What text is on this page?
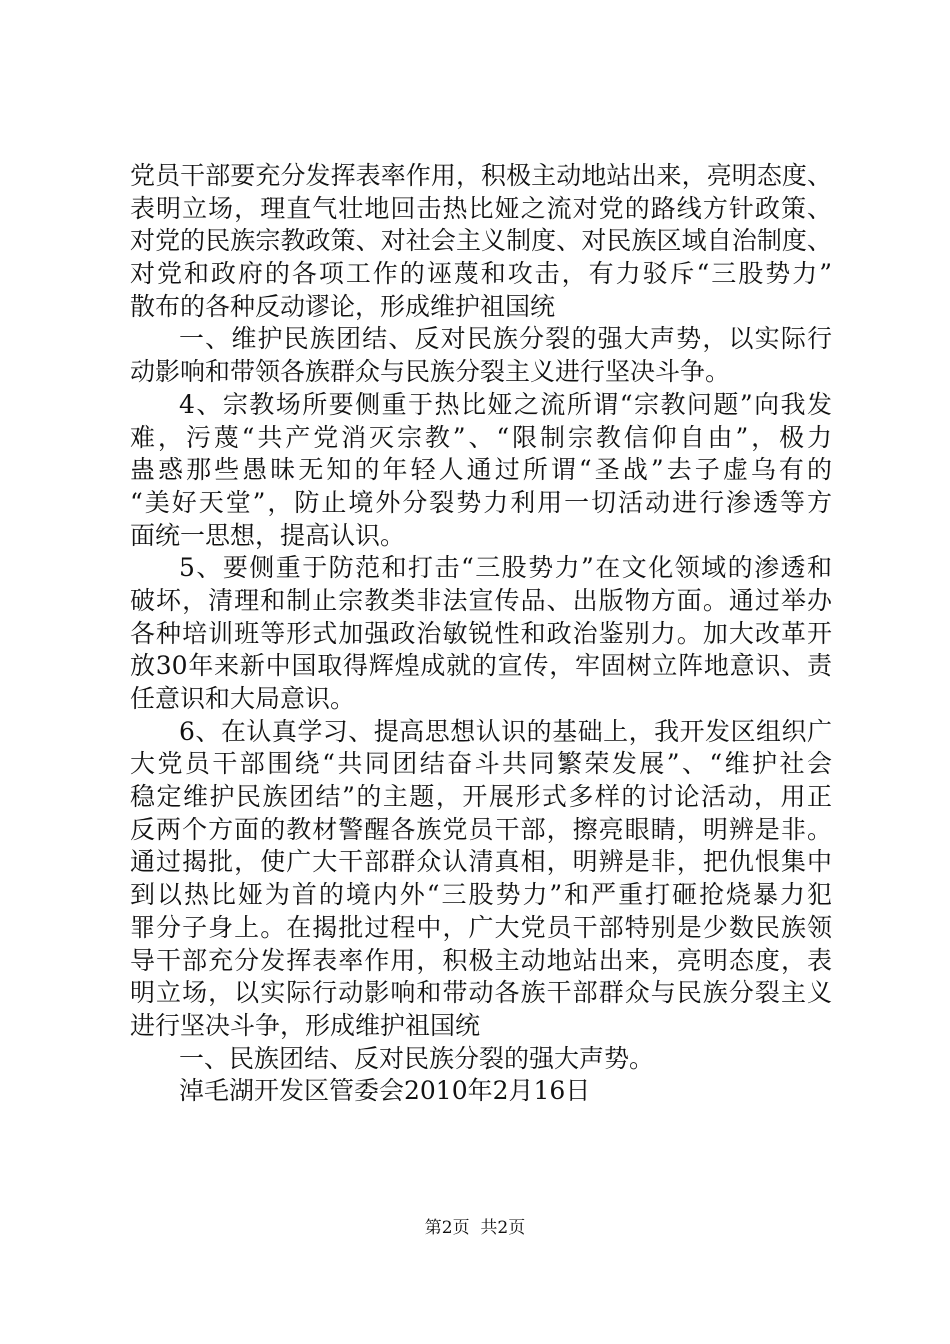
党员干部要充分发挥表率作用，积极主动地站出来，亮明态度、
表明立场，理直气壮地回击热比娅之流对党的路线方针政策、
对党的民族宗教政策、对社会主义制度、对民族区域自治制度、
对党和政府的各项工作的诬蔑和攻击，有力驳斥“三股势力”
散布的各种反动谬论，形成维护祖国统
一、维护民族团结、反对民族分裂的强大声势，以实际行
动影响和带领各族群众与民族分裂主义进行坚决斗争。
4、宗教场所要侧重于热比娅之流所谓“宗教问题”向我发
难，污蔑“共产党消灭宗教”、“限制宗教信仰自由”，极力
蛊惑那些愚昧无知的年轻人通过所谓“圣战”去子虚乌有的
“美好天堂”，防止境外分裂势力利用一切活动进行渗透等方
面统一思想，提高认识。
5、要侧重于防范和打击“三股势力”在文化领域的渗透和
破坏，清理和制止宗教类非法宣传品、出版物方面。通过举办
各种培训班等形式加强政治敏锐性和政治鉴别力。加大改革开
放30年来新中国取得辉煌成就的宣传，牢固树立阵地意识、责
任意识和大局意识。
6、在认真学习、提高思想认识的基础上，我开发区组织广
大党员干部围绕“共同团结奋斗共同繁荣发展”、“维护社会
稳定维护民族团结”的主题，开展形式多样的讨论活动，用正
反两个方面的教材警醒各族党员干部，擦亮眼睛，明辨是非。
通过揭批，使广大干部群众认清真相，明辨是非，把仇恨集中
到以热比娅为首的境内外“三股势力”和严重打砸抢烧暴力犯
罪分子身上。在揭批过程中，广大党员干部特别是少数民族领
导干部充分发挥表率作用，积极主动地站出来，亮明态度，表
明立场，以实际行动影响和带动各族干部群众与民族分裂主义
进行坚决斗争，形成维护祖国统
一、民族团结、反对民族分裂的强大声势。
淖毛湖开发区管委会2010年2月16日
第2页  共2页
